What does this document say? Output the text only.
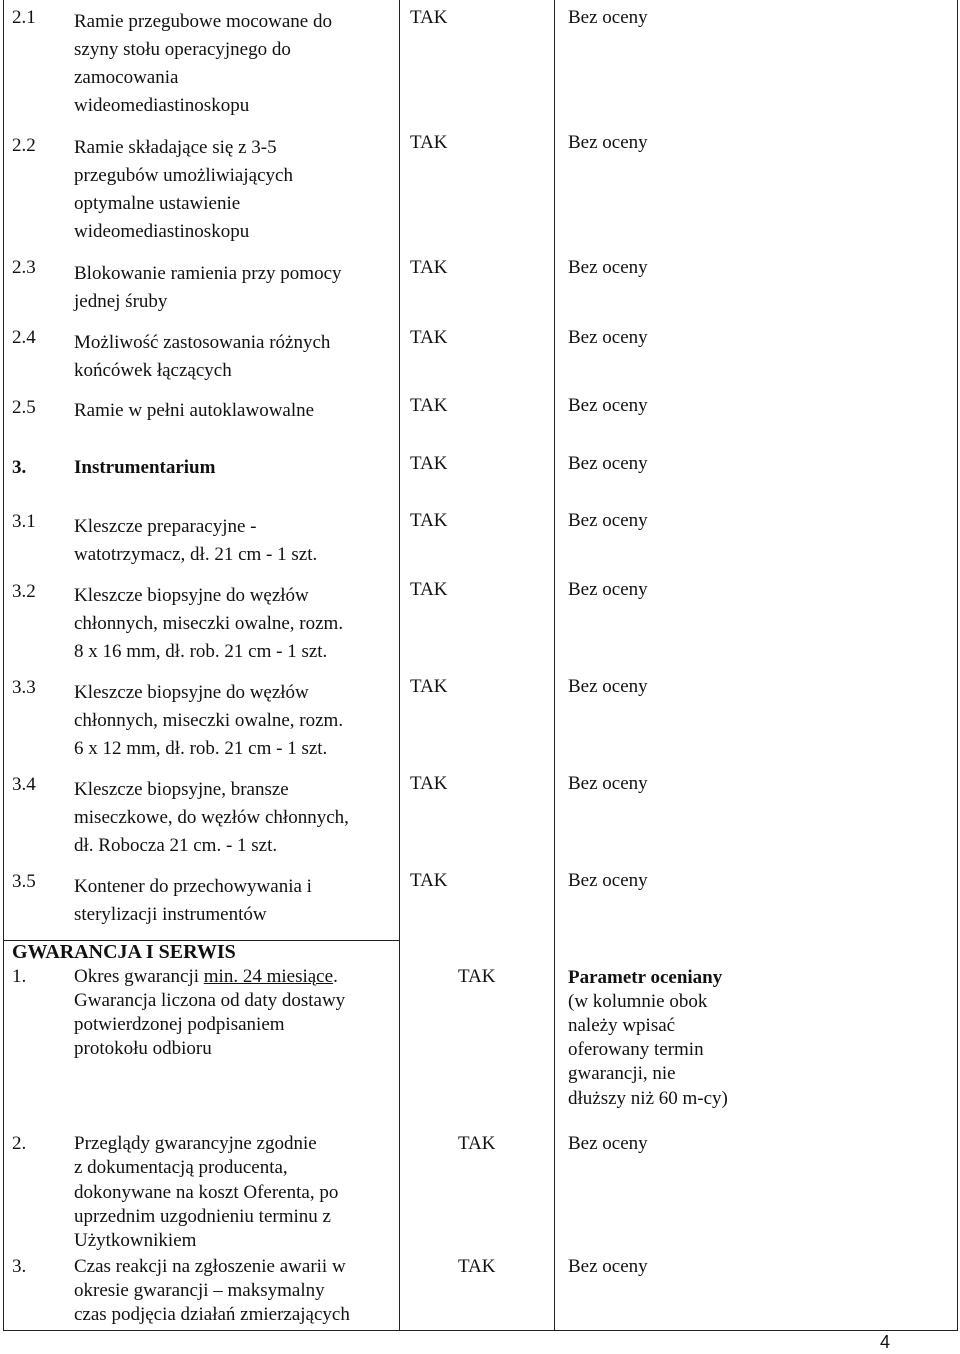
2.1 Ramie przegubowe mocowane do
szyny stołu operacyjnego do
zamocowania
wideomediastinoskopu
TAK	Bez oceny
2.2 Ramie składające się z 3-5
przegubów umożliwiających
optymalne ustawienie
wideomediastinoskopu
TAK	Bez oceny
2.3 Blokowanie ramienia przy pomocy
jednej śruby
TAK	Bez oceny
2.4 Możliwość zastosowania różnych
końcówek łączących
TAK	Bez oceny
2.5 Ramie w pełni autoklawowalne	TAK	Bez oceny
3.	Instrumentarium	TAK	Bez oceny
3.1 Kleszcze preparacyjne -
watotrzymacz, dł. 21 cm - 1 szt.
TAK	Bez oceny
3.2 Kleszcze biopsyjne do węzłów
chłonnych, miseczki owalne, rozm.
8 x 16 mm, dł. rob. 21 cm - 1 szt.
TAK	Bez oceny
3.3 Kleszcze biopsyjne do węzłów
chłonnych, miseczki owalne, rozm.
6 x 12 mm, dł. rob. 21 cm - 1 szt.
TAK	Bez oceny
3.4 Kleszcze biopsyjne, bransze
miseczkowe, do węzłów chłonnych,
dł. Robocza 21 cm. - 1 szt.
TAK	Bez oceny
3.5 Kontener do przechowywania i
sterylizacji instrumentów
TAK	Bez oceny
GWARANCJA I SERWIS
1.	Okres gwarancji min. 24 miesiące.
Gwarancja liczona od daty dostawy
potwierdzonej podpisaniem
protokołu odbioru
TAK	Parametr oceniany
(w kolumnie obok
należy wpisać
oferowany termin
gwarancji, nie
dłuższy niż 60 m-cy)
2.	Przeglądy gwarancyjne zgodnie
z dokumentacją producenta,
dokonywane na koszt Oferenta, po
uprzednim uzgodnieniu terminu z
Użytkownikiem
TAK	Bez oceny
3.	Czas reakcji na zgłoszenie awarii w
okresie gwarancji – maksymalny
czas podjęcia działań zmierzających
TAK	Bez oceny
4
